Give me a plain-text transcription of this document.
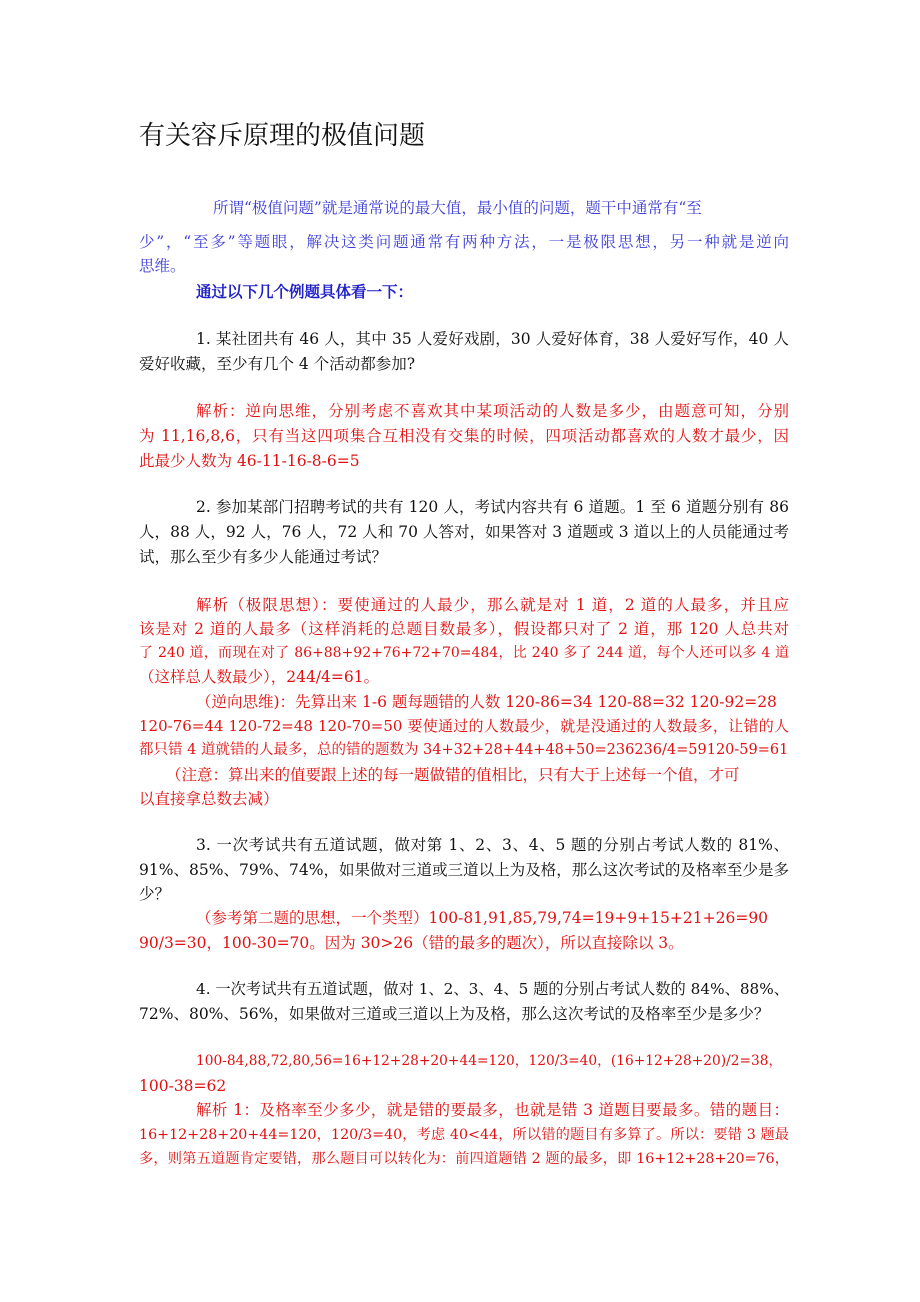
有关容斥原理的极值问题
所谓“极值问题”就是通常说的最大值，最小值的问题，题干中通常有“至
少”，“至多”等题眼，解决这类问题通常有两种方法，一是极限思想，另一种就是逆向
思维。
通过以下几个例题具体看一下：
1. 某社团共有 46 人，其中 35 人爱好戏剧，30 人爱好体育，38 人爱好写作，40 人
爱好收藏，至少有几个 4 个活动都参加?
解析：逆向思维，分别考虑不喜欢其中某项活动的人数是多少，由题意可知，分别
为 11,16,8,6，只有当这四项集合互相没有交集的时候，四项活动都喜欢的人数才最少，因
此最少人数为 46-11-16-8-6=5
2. 参加某部门招聘考试的共有 120 人，考试内容共有 6 道题。1 至 6 道题分别有 86
人，88 人，92 人，76 人，72 人和 70 人答对，如果答对 3 道题或 3 道以上的人员能通过考
试，那么至少有多少人能通过考试？
解析（极限思想）：要使通过的人最少，那么就是对 1 道，2 道的人最多，并且应
该是对 2 道的人最多（这样消耗的总题目数最多），假设都只对了 2 道，那 120 人总共对
了 240 道，而现在对了 86+88+92+76+72+70=484，比 240 多了 244 道，每个人还可以多 4 道
（这样总人数最少），244/4=61。
（逆向思维)：先算出来 1-6 题每题错的人数 120-86=34 120-88=32 120-92=28
120-76=44 120-72=48 120-70=50 要使通过的人数最少，就是没通过的人数最多，让错的人
都只错 4 道就错的人最多，总的错的题数为 34+32+28+44+48+50=236236/4=59120-59=61
（注意：算出来的值要跟上述的每一题做错的值相比，只有大于上述每一个值，才可
以直接拿总数去减）
3. 一次考试共有五道试题，做对第 1、2、3、4、5 题的分别占考试人数的 81%、
91%、85%、79%、74%，如果做对三道或三道以上为及格，那么这次考试的及格率至少是多
少？
（参考第二题的思想，一个类型）100-81,91,85,79,74=19+9+15+21+26=90
90/3=30，100-30=70。因为 30>26（错的最多的题次），所以直接除以 3。
4. 一次考试共有五道试题，做对 1、2、3、4、5 题的分别占考试人数的 84%、88%、
72%、80%、56%，如果做对三道或三道以上为及格，那么这次考试的及格率至少是多少？
100-84,88,72,80,56=16+12+28+20+44=120，120/3=40，(16+12+28+20)/2=38，
100-38=62
解析 1：及格率至少多少，就是错的要最多，也就是错 3 道题目要最多。错的题目：
16+12+28+20+44=120，120/3=40，考虑 40<44，所以错的题目有多算了。所以：要错 3 题最
多，则第五道题肯定要错，那么题目可以转化为：前四道题错 2 题的最多，即 16+12+28+20=76，
